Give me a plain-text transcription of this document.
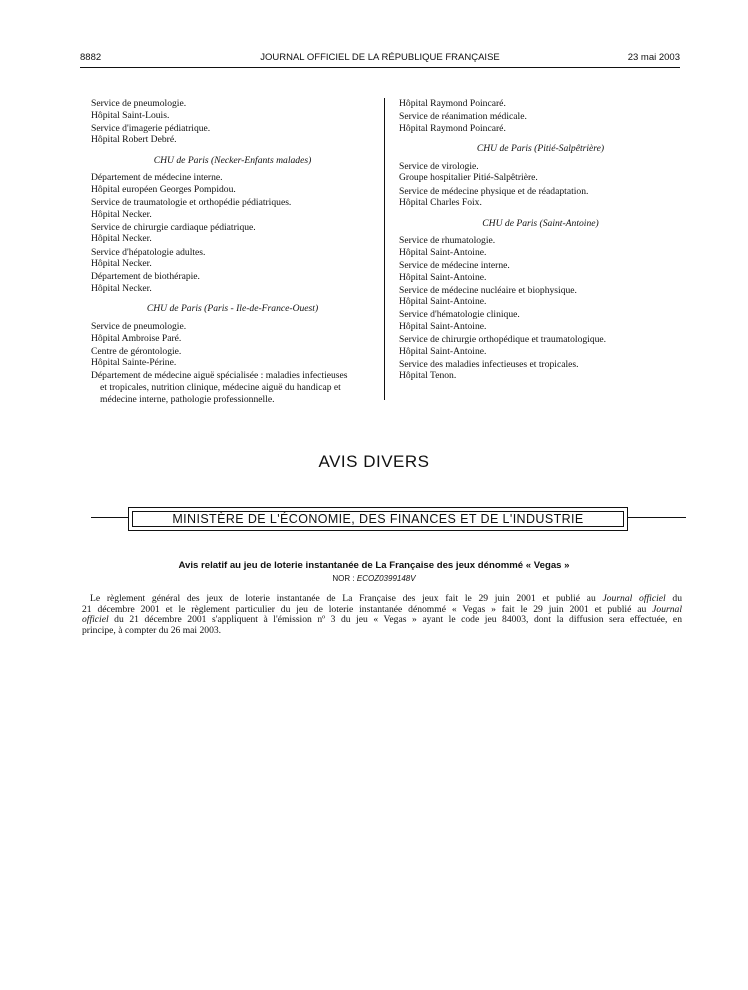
8882	JOURNAL OFFICIEL DE LA RÉPUBLIQUE FRANÇAISE	23 mai 2003
Service de pneumologie.
Hôpital Saint-Louis.
Service d'imagerie pédiatrique.
Hôpital Robert Debré.
CHU de Paris (Necker-Enfants malades)
Département de médecine interne.
Hôpital européen Georges Pompidou.
Service de traumatologie et orthopédie pédiatriques.
Hôpital Necker.
Service de chirurgie cardiaque pédiatrique.
Hôpital Necker.
Service d'hépatologie adultes.
Hôpital Necker.
Département de biothérapie.
Hôpital Necker.
CHU de Paris (Paris - Ile-de-France-Ouest)
Service de pneumologie.
Hôpital Ambroise Paré.
Centre de gérontologie.
Hôpital Sainte-Périne.
Département de médecine aiguë spécialisée : maladies infectieuses
et tropicales, nutrition clinique, médecine aiguë du handicap et
médecine interne, pathologie professionnelle.
Hôpital Raymond Poincaré.
Service de réanimation médicale.
Hôpital Raymond Poincaré.
CHU de Paris (Pitié-Salpêtrière)
Service de virologie.
Groupe hospitalier Pitié-Salpêtrière.
Service de médecine physique et de réadaptation.
Hôpital Charles Foix.
CHU de Paris (Saint-Antoine)
Service de rhumatologie.
Hôpital Saint-Antoine.
Service de médecine interne.
Hôpital Saint-Antoine.
Service de médecine nucléaire et biophysique.
Hôpital Saint-Antoine.
Service d'hématologie clinique.
Hôpital Saint-Antoine.
Service de chirurgie orthopédique et traumatologique.
Hôpital Saint-Antoine.
Service des maladies infectieuses et tropicales.
Hôpital Tenon.
AVIS DIVERS
MINISTÈRE DE L'ÉCONOMIE, DES FINANCES ET DE L'INDUSTRIE
Avis relatif au jeu de loterie instantanée de La Française des jeux dénommé « Vegas »
NOR : ECOZ0399148V
Le règlement général des jeux de loterie instantanée de La Française des jeux fait le 29 juin 2001 et publié au Journal officiel du
21 décembre 2001 et le règlement particulier du jeu de loterie instantanée dénommé « Vegas » fait le 29 juin 2001 et publié au Journal
officiel du 21 décembre 2001 s'appliquent à l'émission nº 3 du jeu « Vegas » ayant le code jeu 84003, dont la diffusion sera effectuée, en
principe, à compter du 26 mai 2003.
